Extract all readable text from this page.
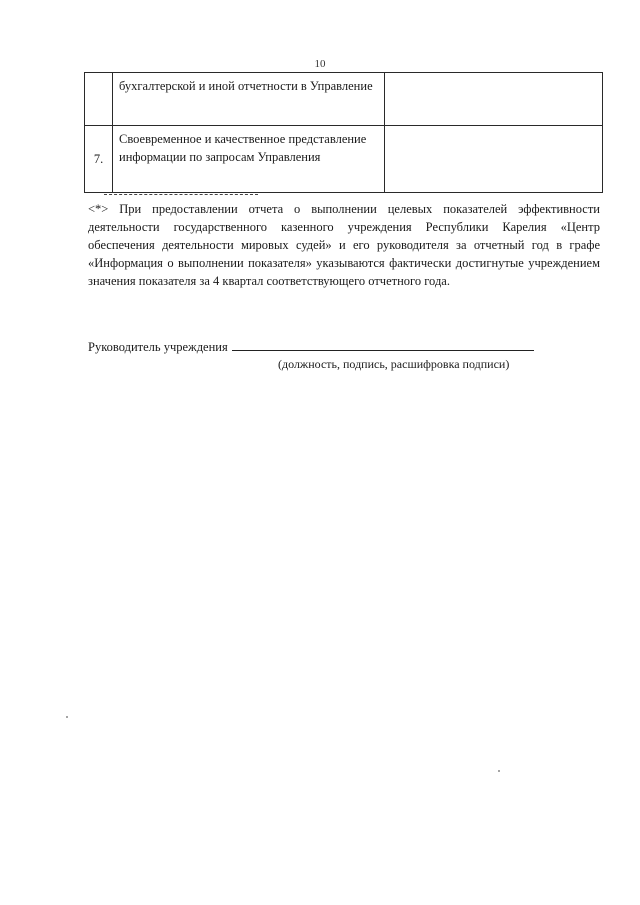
10
	бухгалтерской и иной отчетности в Управление	
7.	Своевременное и качественное представление информации по запросам Управления	

<*> При предоставлении отчета о выполнении целевых показателей эффективности деятельности государственного казенного учреждения Республики Карелия «Центр обеспечения деятельности мировых судей» и его руководителя за отчетный год в графе «Информация о выполнении показателя» указываются фактически достигнутые учреждением значения показателя за 4 квартал соответствующего отчетного года.

Руководитель учреждения
(должность, подпись, расшифровка подписи)
